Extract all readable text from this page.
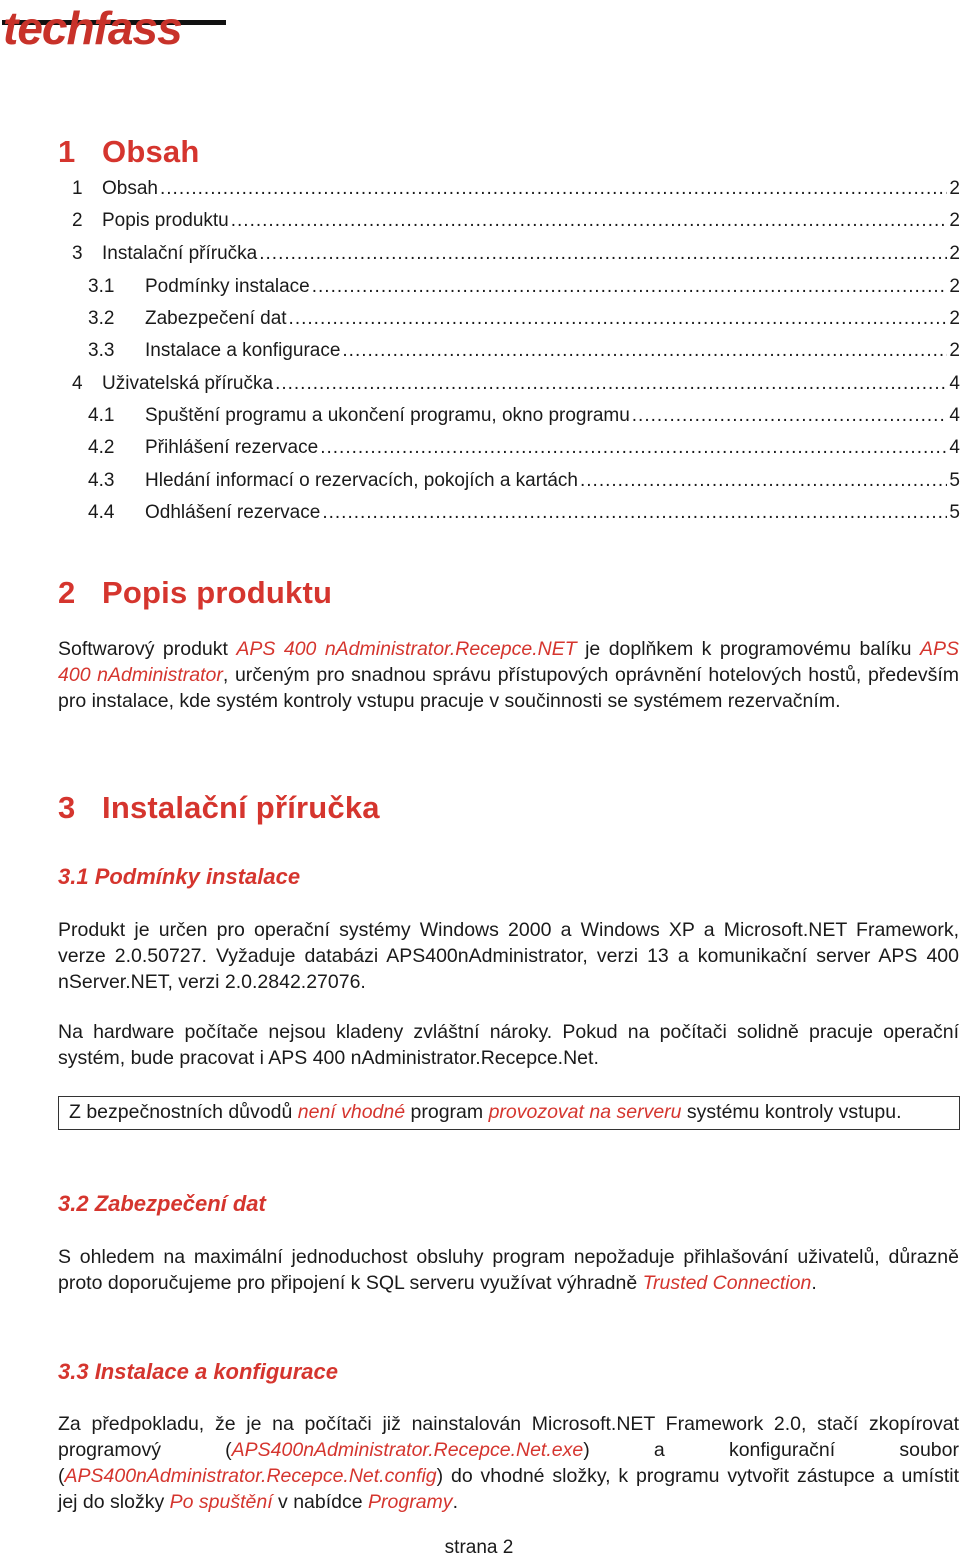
techfass
1 Obsah
1	Obsah .....	2
2	Popis produktu .....	2
3	Instalační příručka .....	2
3.1	Podmínky instalace .....	2
3.2	Zabezpečení dat .....	2
3.3	Instalace a konfigurace .....	2
4	Uživatelská příručka .....	4
4.1	Spuštění programu a ukončení programu, okno programu .....	4
4.2	Přihlášení rezervace .....	4
4.3	Hledání informací o rezervacích, pokojích a kartách .....	5
4.4	Odhlášení rezervace .....	5
2 Popis produktu

Softwarový produkt APS 400 nAdministrator.Recepce.NET je doplňkem k programovému balíku APS 400 nAdministrator, určeným pro snadnou správu přístupových oprávnění hotelových hostů, především pro instalace, kde systém kontroly vstupu pracuje v součinnosti se systémem rezervačním.

3 Instalační příručka
3.1 Podmínky instalace

Produkt je určen pro operační systémy Windows 2000 a Windows XP a Microsoft.NET Framework, verze 2.0.50727. Vyžaduje databázi APS400nAdministrator, verzi 13 a komunikační server APS 400 nServer.NET, verzi 2.0.2842.27076.

Na hardware počítače nejsou kladeny zvláštní nároky. Pokud na počítači solidně pracuje operační systém, bude pracovat i APS 400 nAdministrator.Recepce.Net.

Z bezpečnostních důvodů není vhodné program provozovat na serveru systému kontroly vstupu.
3.2 Zabezpečení dat

S ohledem na maximální jednoduchost obsluhy program nepožaduje přihlašování uživatelů, důrazně proto doporučujeme pro připojení k SQL serveru využívat výhradně Trusted Connection.

3.3 Instalace a konfigurace

Za předpokladu, že je na počítači již nainstalován Microsoft.NET Framework 2.0, stačí zkopírovat programový (APS400nAdministrator.Recepce.Net.exe) a konfigurační soubor (APS400nAdministrator.Recepce.Net.config) do vhodné složky, k programu vytvořit zástupce a umístit jej do složky Po spuštění v nabídce Programy.

strana 2
